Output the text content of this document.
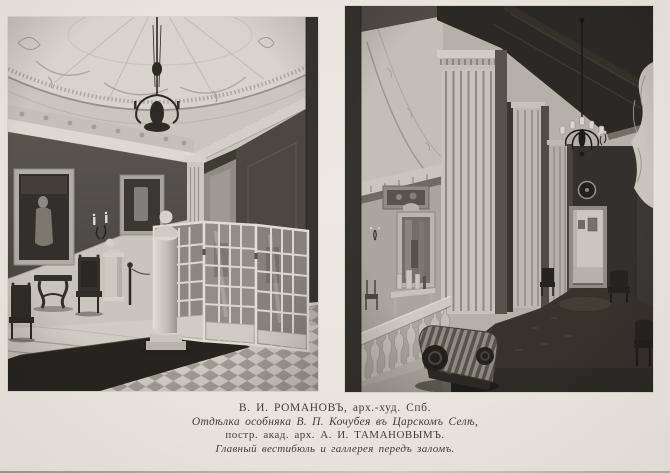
В. И. РОМАНОВЪ, арх.-худ. Спб.
Отдѣлка особняка В. П. Кочубея въ Царскомъ Селѣ,
постр. акад. арх. А. И. ТАМАНОВЫМЪ.
Главный вестибюль и галлерея передъ заломъ.
